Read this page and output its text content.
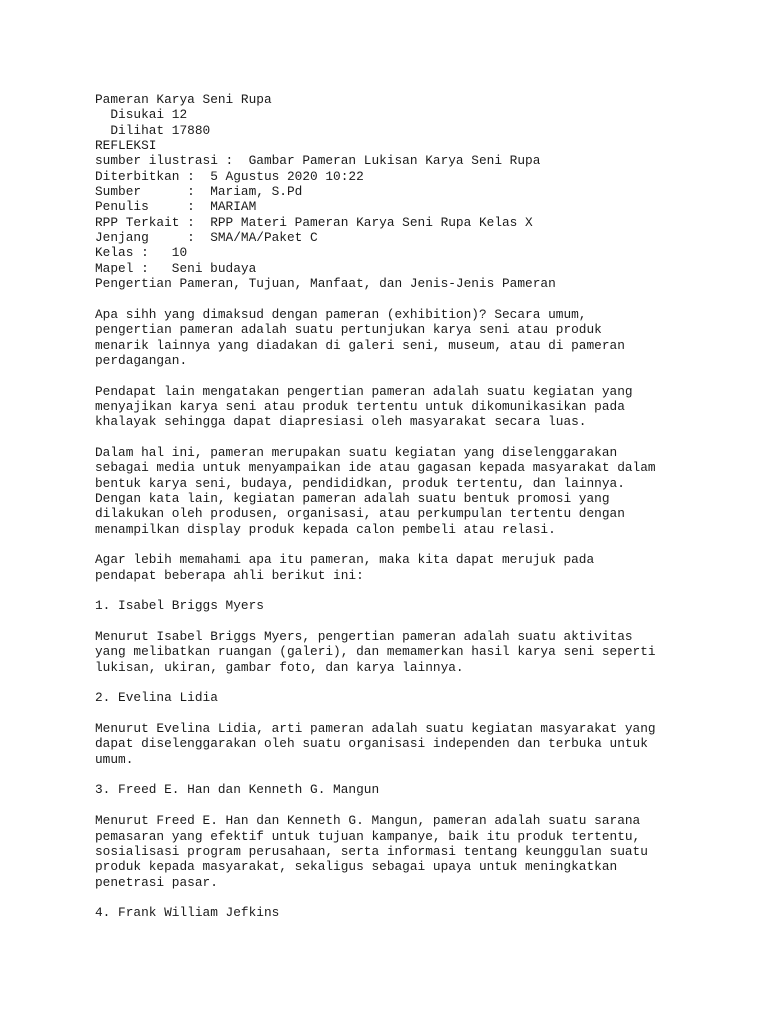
Pameran Karya Seni Rupa
Disukai 12
Dilihat 17880
REFLEKSI
sumber ilustrasi : Gambar Pameran Lukisan Karya Seni Rupa
Diterbitkan :	5 Agustus 2020 10:22
Sumber      :	Mariam, S.Pd
Penulis     :	MARIAM
RPP Terkait :	RPP Materi Pameran Karya Seni Rupa Kelas X
Jenjang     :	SMA/MA/Paket C
Kelas :	10
Mapel :	Seni budaya
Pengertian Pameran, Tujuan, Manfaat, dan Jenis-Jenis Pameran
Apa sihh yang dimaksud dengan pameran (exhibition)? Secara umum,
pengertian pameran adalah suatu pertunjukan karya seni atau produk
menarik lainnya yang diadakan di galeri seni, museum, atau di pameran
perdagangan.
Pendapat lain mengatakan pengertian pameran adalah suatu kegiatan yang
menyajikan karya seni atau produk tertentu untuk dikomunikasikan pada
khalayak sehingga dapat diapresiasi oleh masyarakat secara luas.
Dalam hal ini, pameran merupakan suatu kegiatan yang diselenggarakan
sebagai media untuk menyampaikan ide atau gagasan kepada masyarakat dalam
bentuk karya seni, budaya, pendididkan, produk tertentu, dan lainnya.
Dengan kata lain, kegiatan pameran adalah suatu bentuk promosi yang
dilakukan oleh produsen, organisasi, atau perkumpulan tertentu dengan
menampilkan display produk kepada calon pembeli atau relasi.
Agar lebih memahami apa itu pameran, maka kita dapat merujuk pada
pendapat beberapa ahli berikut ini:
1. Isabel Briggs Myers
Menurut Isabel Briggs Myers, pengertian pameran adalah suatu aktivitas
yang melibatkan ruangan (galeri), dan memamerkan hasil karya seni seperti
lukisan, ukiran, gambar foto, dan karya lainnya.
2. Evelina Lidia
Menurut Evelina Lidia, arti pameran adalah suatu kegiatan masyarakat yang
dapat diselenggarakan oleh suatu organisasi independen dan terbuka untuk
umum.
3. Freed E. Han dan Kenneth G. Mangun
Menurut Freed E. Han dan Kenneth G. Mangun, pameran adalah suatu sarana
pemasaran yang efektif untuk tujuan kampanye, baik itu produk tertentu,
sosialisasi program perusahaan, serta informasi tentang keunggulan suatu
produk kepada masyarakat, sekaligus sebagai upaya untuk meningkatkan
penetrasi pasar.
4. Frank William Jefkins
